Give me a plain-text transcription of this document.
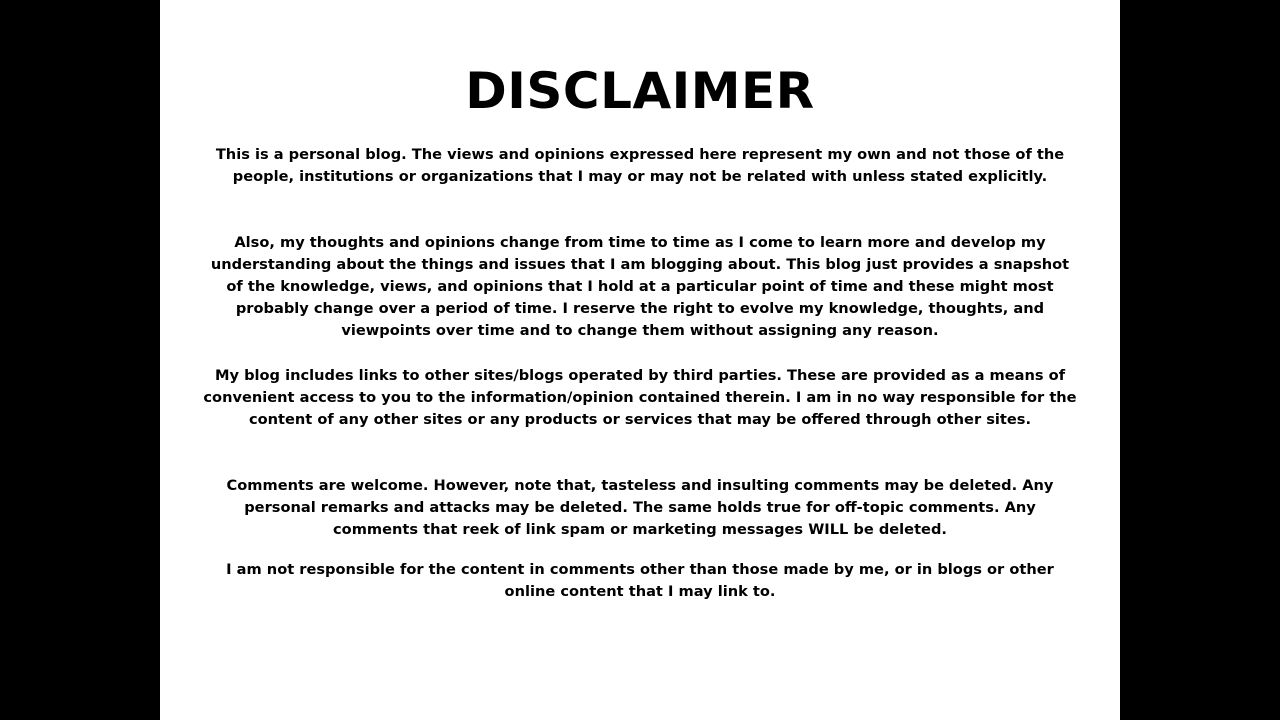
DISCLAIMER

This is a personal blog. The views and opinions expressed here represent my own and not those of the people, institutions or organizations that I may or may not be related with unless stated explicitly.

Also, my thoughts and opinions change from time to time as I come to learn more and develop my understanding about the things and issues that I am blogging about. This blog just provides a snapshot of the knowledge, views, and opinions that I hold at a particular point of time and these might most probably change over a period of time. I reserve the right to evolve my knowledge, thoughts, and viewpoints over time and to change them without assigning any reason.

My blog includes links to other sites/blogs operated by third parties. These are provided as a means of convenient access to you to the information/opinion contained therein. I am in no way responsible for the content of any other sites or any products or services that may be offered through other sites.

Comments are welcome. However, note that, tasteless and insulting comments may be deleted. Any personal remarks and attacks may be deleted. The same holds true for off-topic comments. Any comments that reek of link spam or marketing messages WILL be deleted.

I am not responsible for the content in comments other than those made by me, or in blogs or other online content that I may link to.
